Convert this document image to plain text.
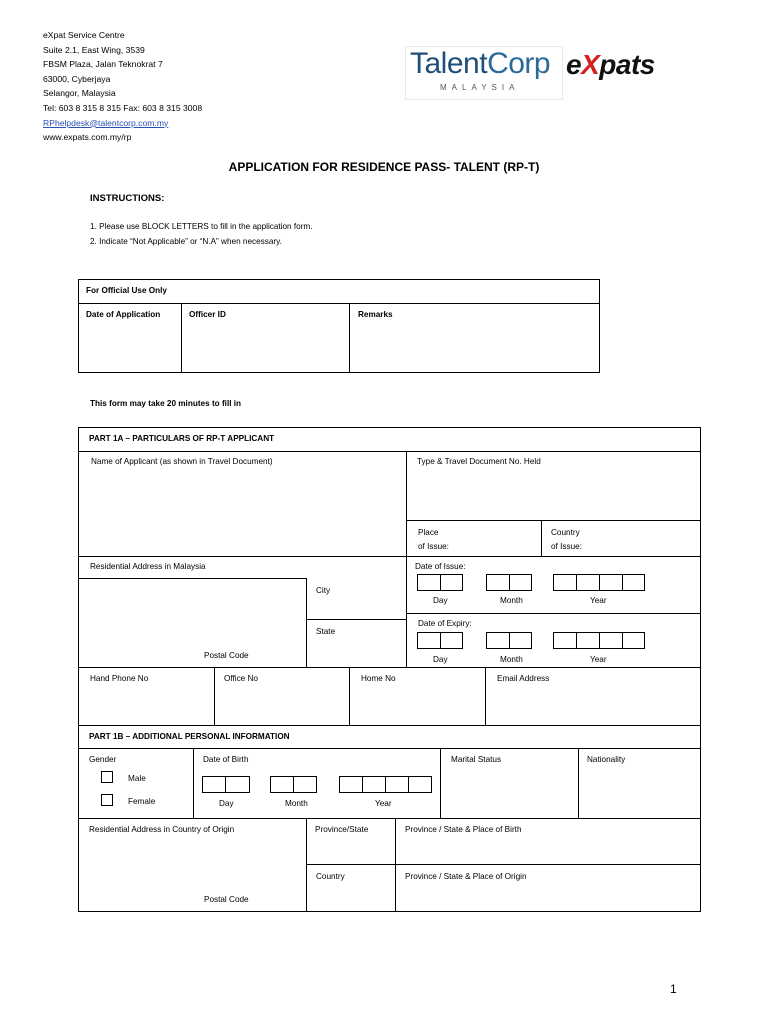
eXpat Service Centre
Suite 2.1, East Wing, 3539
FBSM Plaza, Jalan Teknokrat 7
63000, Cyberjaya
Selangor, Malaysia
Tel: 603 8 315 8 315 Fax: 603 8 315 3008
RPhelpdesk@talentcorp.com.my
www.expats.com.my/rp
TalentCorp
MALAYSIA
eXpats
APPLICATION FOR RESIDENCE PASS- TALENT (RP-T)
INSTRUCTIONS:
1. Please use BLOCK LETTERS to fill in the application form.
2. Indicate “Not Applicable” or “N.A” when necessary.
For Official Use Only
Date of Application	Officer ID	Remarks
This form may take 20 minutes to fill in
PART 1A – PARTICULARS OF RP-T APPLICANT
Name of Applicant (as shown in Travel Document)	Type & Travel Document No. Held
Place
of Issue:
Country
of Issue:
Residential Address in Malaysia
City
State
Postal Code
Date of Issue:
Day	Month	Year
Date of Expiry:
Day	Month	Year
Hand Phone No	Office No	Home No	Email Address
PART 1B – ADDITIONAL PERSONAL INFORMATION
Gender
Male
Female
Date of Birth
Day	Month	Year
Marital Status	Nationality
Residential Address in Country of Origin	Province/State	Province / State & Place of Birth
Country	Province / State & Place of Origin
Postal Code
1
